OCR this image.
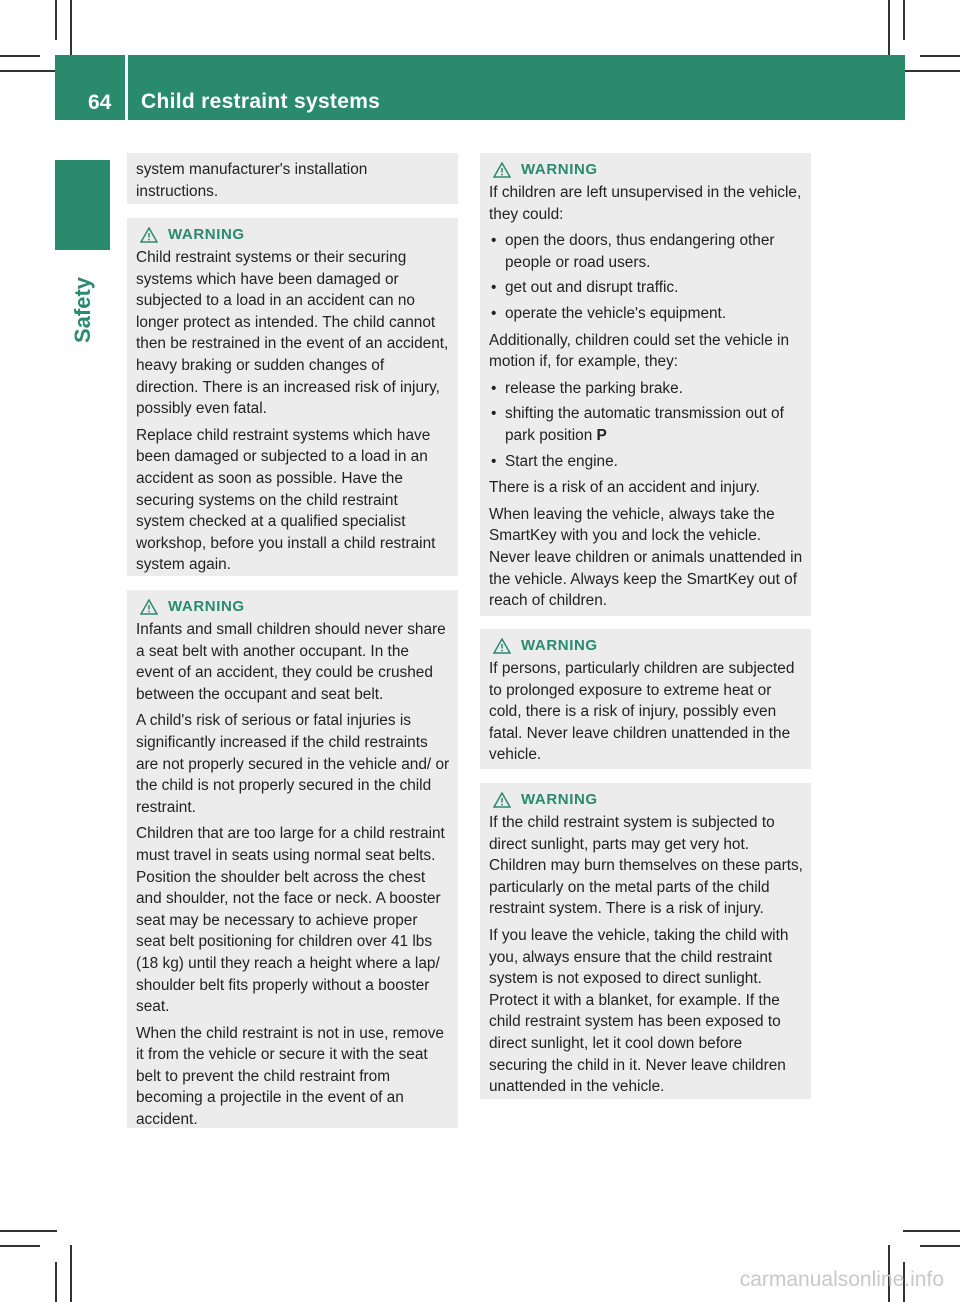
64 Child restraint systems
Safety

system manufacturer's installation instructions.

WARNING

Child restraint systems or their securing systems which have been damaged or subjected to a load in an accident can no longer protect as intended. The child cannot then be restrained in the event of an accident, heavy braking or sudden changes of direction. There is an increased risk of injury, possibly even fatal.

Replace child restraint systems which have been damaged or subjected to a load in an accident as soon as possible. Have the securing systems on the child restraint system checked at a qualified specialist workshop, before you install a child restraint system again.

WARNING

Infants and small children should never share a seat belt with another occupant. In the event of an accident, they could be crushed between the occupant and seat belt.

A child's risk of serious or fatal injuries is significantly increased if the child restraints are not properly secured in the vehicle and/ or the child is not properly secured in the child restraint.

Children that are too large for a child restraint must travel in seats using normal seat belts. Position the shoulder belt across the chest and shoulder, not the face or neck. A booster seat may be necessary to achieve proper seat belt positioning for children over 41 lbs (18 kg) until they reach a height where a lap/ shoulder belt fits properly without a booster seat.

When the child restraint is not in use, remove it from the vehicle or secure it with the seat belt to prevent the child restraint from becoming a projectile in the event of an accident.

WARNING

If children are left unsupervised in the vehicle, they could:

• open the doors, thus endangering other people or road users.
• get out and disrupt traffic.
• operate the vehicle's equipment.

Additionally, children could set the vehicle in motion if, for example, they:

• release the parking brake.
• shifting the automatic transmission out of park position P
• Start the engine.

There is a risk of an accident and injury.

When leaving the vehicle, always take the SmartKey with you and lock the vehicle. Never leave children or animals unattended in the vehicle. Always keep the SmartKey out of reach of children.

WARNING

If persons, particularly children are subjected to prolonged exposure to extreme heat or cold, there is a risk of injury, possibly even fatal. Never leave children unattended in the vehicle.

WARNING

If the child restraint system is subjected to direct sunlight, parts may get very hot. Children may burn themselves on these parts, particularly on the metal parts of the child restraint system. There is a risk of injury.

If you leave the vehicle, taking the child with you, always ensure that the child restraint system is not exposed to direct sunlight. Protect it with a blanket, for example. If the child restraint system has been exposed to direct sunlight, let it cool down before securing the child in it. Never leave children unattended in the vehicle.

carmanualsonline.info
